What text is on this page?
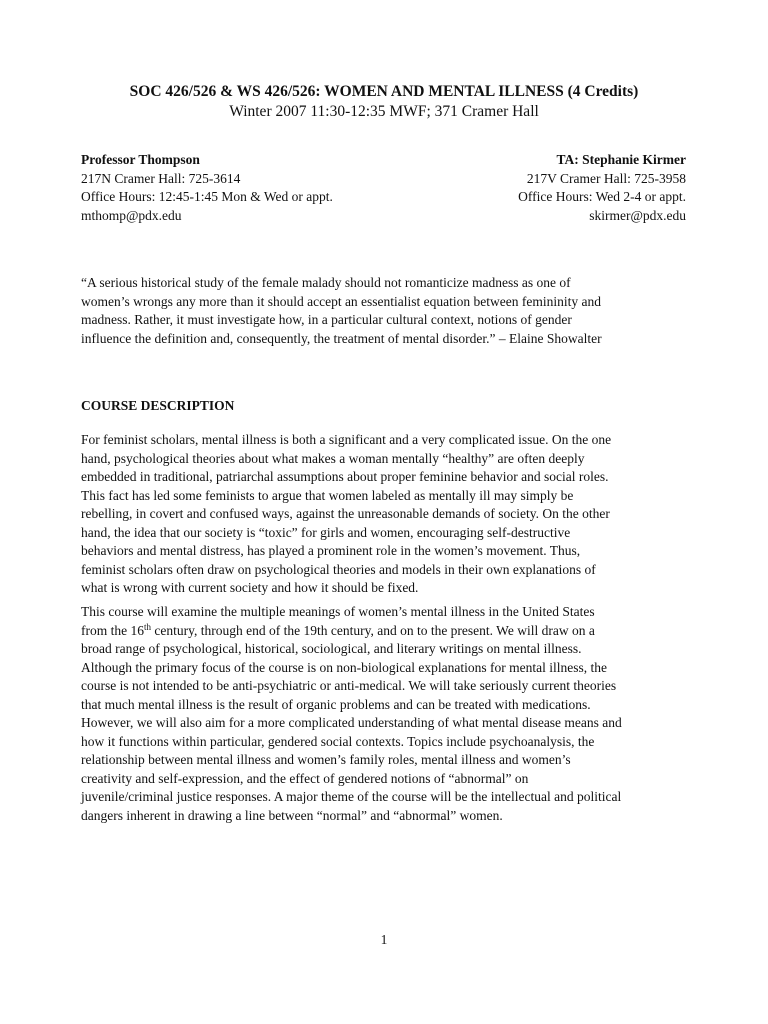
SOC 426/526 & WS 426/526: WOMEN AND MENTAL ILLNESS (4 Credits)
Winter 2007 11:30-12:35 MWF; 371 Cramer Hall
Professor Thompson
217N Cramer Hall: 725-3614
Office Hours: 12:45-1:45 Mon & Wed or appt.
mthomp@pdx.edu
TA: Stephanie Kirmer
217V Cramer Hall: 725-3958
Office Hours: Wed 2-4 or appt.
skirmer@pdx.edu
“A serious historical study of the female malady should not romanticize madness as one of
women’s wrongs any more than it should accept an essentialist equation between femininity and
madness. Rather, it must investigate how, in a particular cultural context, notions of gender
influence the definition and, consequently, the treatment of mental disorder.” – Elaine Showalter
COURSE DESCRIPTION
For feminist scholars, mental illness is both a significant and a very complicated issue. On the one
hand, psychological theories about what makes a woman mentally “healthy” are often deeply
embedded in traditional, patriarchal assumptions about proper feminine behavior and social roles.
This fact has led some feminists to argue that women labeled as mentally ill may simply be
rebelling, in covert and confused ways, against the unreasonable demands of society. On the other
hand, the idea that our society is “toxic” for girls and women, encouraging self-destructive
behaviors and mental distress, has played a prominent role in the women’s movement. Thus,
feminist scholars often draw on psychological theories and models in their own explanations of
what is wrong with current society and how it should be fixed.
This course will examine the multiple meanings of women’s mental illness in the United States
from the 16th century, through end of the 19th century, and on to the present. We will draw on a
broad range of psychological, historical, sociological, and literary writings on mental illness.
Although the primary focus of the course is on non-biological explanations for mental illness, the
course is not intended to be anti-psychiatric or anti-medical. We will take seriously current theories
that much mental illness is the result of organic problems and can be treated with medications.
However, we will also aim for a more complicated understanding of what mental disease means and
how it functions within particular, gendered social contexts. Topics include psychoanalysis, the
relationship between mental illness and women’s family roles, mental illness and women’s
creativity and self-expression, and the effect of gendered notions of “abnormal” on
juvenile/criminal justice responses. A major theme of the course will be the intellectual and political
dangers inherent in drawing a line between “normal” and “abnormal” women.
1
